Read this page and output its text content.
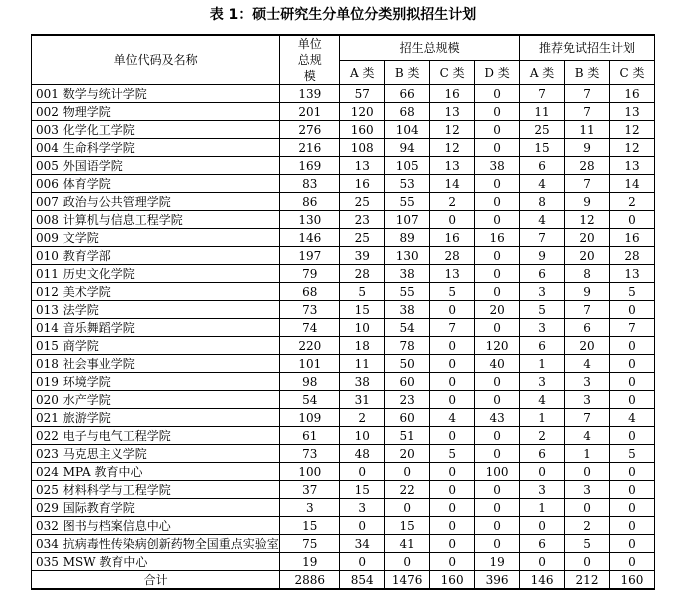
表 1：硕士研究生分单位分类别拟招生计划
单位代码及名称	单位总规模	招生总规模				推荐免试招生计划		
		A 类	B 类	C 类	D 类	A 类	B 类	C 类
001 数学与统计学院	139	57	66	16	0	7	7	16
002 物理学院	201	120	68	13	0	11	7	13
003 化学化工学院	276	160	104	12	0	25	11	12
004 生命科学学院	216	108	94	12	0	15	9	12
005 外国语学院	169	13	105	13	38	6	28	13
006 体育学院	83	16	53	14	0	4	7	14
007 政治与公共管理学院	86	25	55	2	0	8	9	2
008 计算机与信息工程学院	130	23	107	0	0	4	12	0
009 文学院	146	25	89	16	16	7	20	16
010 教育学部	197	39	130	28	0	9	20	28
011 历史文化学院	79	28	38	13	0	6	8	13
012 美术学院	68	5	55	5	0	3	9	5
013 法学院	73	15	38	0	20	5	7	0
014 音乐舞蹈学院	74	10	54	7	0	3	6	7
015 商学院	220	18	78	0	120	6	20	0
018 社会事业学院	101	11	50	0	40	1	4	0
019 环境学院	98	38	60	0	0	3	3	0
020 水产学院	54	31	23	0	0	4	3	0
021 旅游学院	109	2	60	4	43	1	7	4
022 电子与电气工程学院	61	10	51	0	0	2	4	0
023 马克思主义学院	73	48	20	5	0	6	1	5
024 MPA 教育中心	100	0	0	0	100	0	0	0
025 材料科学与工程学院	37	15	22	0	0	3	3	0
029 国际教育学院	3	3	0	0	0	1	0	0
032 图书与档案信息中心	15	0	15	0	0	0	2	0
034 抗病毒性传染病创新药物全国重点实验室	75	34	41	0	0	6	5	0
035 MSW 教育中心	19	0	0	0	19	0	0	0
合计	2886	854	1476	160	396	146	212	160
